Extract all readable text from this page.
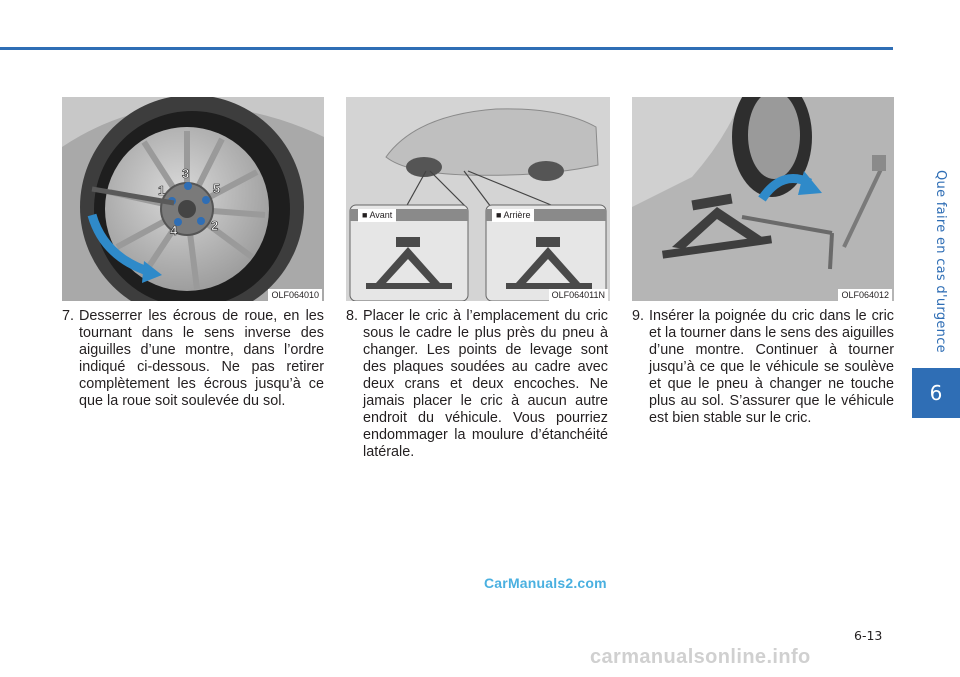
Que faire en cas d'urgence
6
1
2
3
4
5
OLF064010
■ Avant	■ Arrière
OLF064011N	OLF064012
7. Desserrer les écrous de roue, en les tournant dans le sens inverse des aiguilles d’une montre, dans l’ordre indiqué ci-dessous. Ne pas retirer complètement les écrous jusqu’à ce que la roue soit soulevée du sol.
8. Placer le cric à l’emplacement du cric sous le cadre le plus près du pneu à changer. Les points de levage sont des plaques soudées au cadre avec deux crans et deux encoches. Ne jamais placer le cric à aucun autre endroit du véhicule. Vous pourriez endommager la moulure d’étanchéité latérale.
9. Insérer la poignée du cric dans le cric et la tourner dans le sens des aiguilles d’une montre. Continuer à tourner jusqu’à ce que le véhicule se soulève et que le pneu à changer ne touche plus au sol. S’assurer que le véhicule est bien stable sur le cric.
CarManuals2.com
6-13
carmanualsonline.info
